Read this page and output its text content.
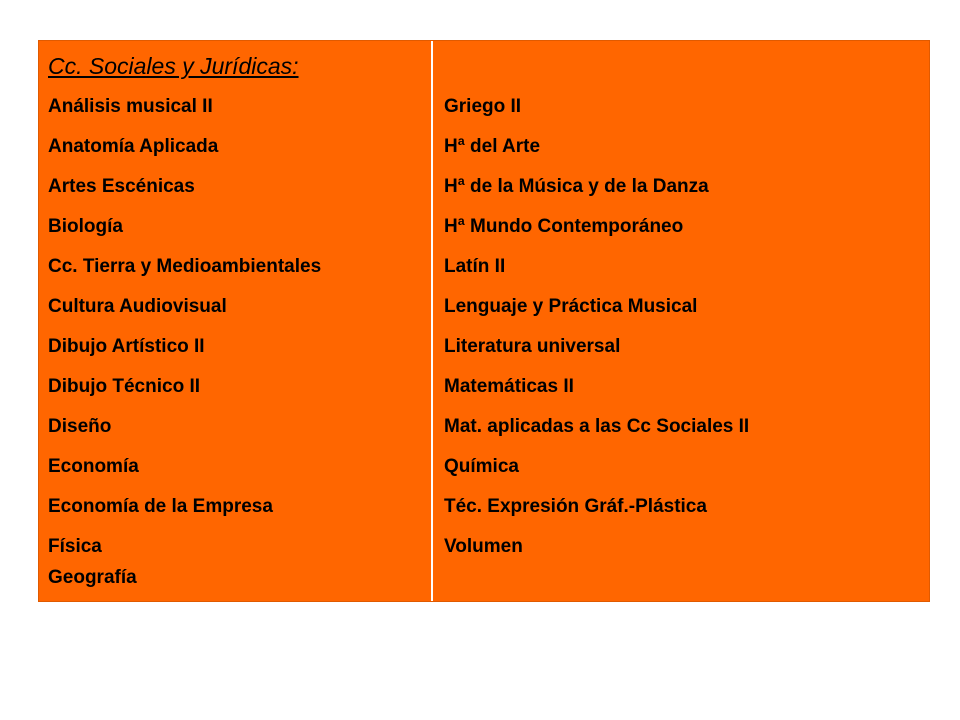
Cc. Sociales y Jurídicas:

Análisis musical II

Anatomía Aplicada

Artes Escénicas

Biología

Cc. Tierra y Medioambientales

Cultura Audiovisual

Dibujo Artístico II

Dibujo Técnico II

Diseño

Economía

Economía de la Empresa

Física

Geografía

Griego II

Hª del Arte

Hª de la Música y de la Danza

Hª Mundo Contemporáneo

Latín II

Lenguaje y Práctica Musical

Literatura universal

Matemáticas II

Mat. aplicadas a las Cc Sociales II

Química

Téc. Expresión Gráf.-Plástica

Volumen
